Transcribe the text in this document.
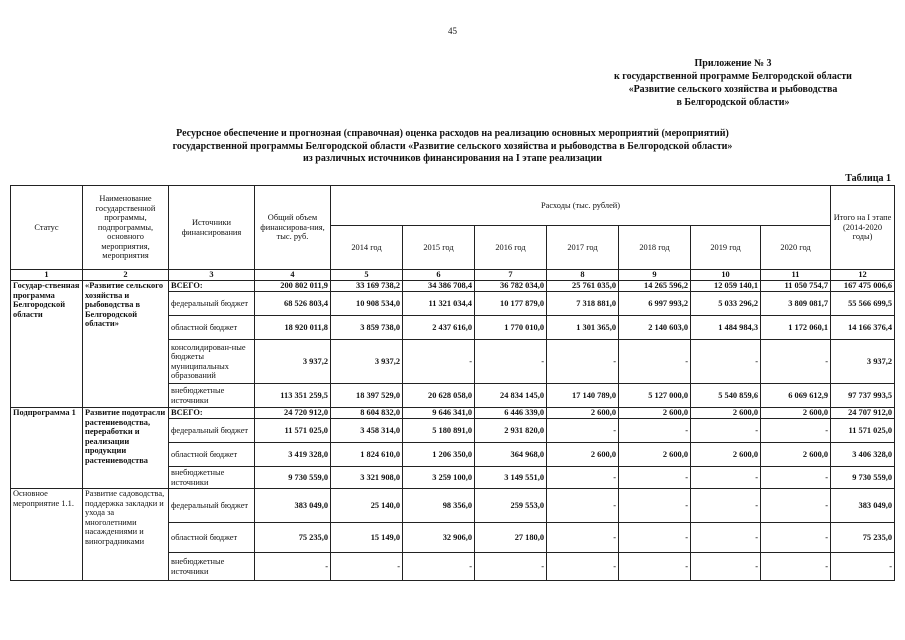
45
Приложение № 3
к государственной программе Белгородской области
«Развитие сельского хозяйства и рыбоводства
в Белгородской области»
Ресурсное обеспечение и прогнозная (справочная) оценка расходов на реализацию основных мероприятий (мероприятий)
государственной программы Белгородской области «Развитие сельского хозяйства и рыбоводства в Белгородской области»
из различных источников финансирования на I этапе реализации
Таблица 1
Статус	Наименование государственной программы, подпрограммы, основного мероприятия, мероприятия	Источники финансирования	Общий объем финансирова-ния, тыс. руб.	Расходы (тыс. рублей)							Итого на I этапе (2014-2020 годы)
				2014 год	2015 год	2016 год	2017 год	2018 год	2019 год	2020 год	
1	2	3	4	5	6	7	8	9	10	11	12
Государ-ственная программа Белгородской области	«Развитие сельского хозяйства и рыбоводства в Белгородской области»	ВСЕГО:	200 802 011,9	33 169 738,2	34 386 708,4	36 782 034,0	25 761 035,0	14 265 596,2	12 059 140,1	11 050 754,7	167 475 006,6
		федеральный бюджет	68 526 803,4	10 908 534,0	11 321 034,4	10 177 879,0	7 318 881,0	6 997 993,2	5 033 296,2	3 809 081,7	55 566 699,5
		областной бюджет	18 920 011,8	3 859 738,0	2 437 616,0	1 770 010,0	1 301 365,0	2 140 603,0	1 484 984,3	1 172 060,1	14 166 376,4
		консолидирован-ные бюджеты муниципальных образований	3 937,2	3 937,2	-	-	-	-	-	-	3 937,2
		внебюджетные источники	113 351 259,5	18 397 529,0	20 628 058,0	24 834 145,0	17 140 789,0	5 127 000,0	5 540 859,6	6 069 612,9	97 737 993,5
Подпрограмма 1	Развитие подотрасли растениеводства, переработки и реализации продукции растениеводства	ВСЕГО:	24 720 912,0	8 604 832,0	9 646 341,0	6 446 339,0	2 600,0	2 600,0	2 600,0	2 600,0	24 707 912,0
		федеральный бюджет	11 571 025,0	3 458 314,0	5 180 891,0	2 931 820,0	-	-	-	-	11 571 025,0
		областной бюджет	3 419 328,0	1 824 610,0	1 206 350,0	364 968,0	2 600,0	2 600,0	2 600,0	2 600,0	3 406 328,0
		внебюджетные источники	9 730 559,0	3 321 908,0	3 259 100,0	3 149 551,0	-	-	-	-	9 730 559,0
Основное мероприятие 1.1.	Развитие садоводства, поддержка закладки и ухода за многолетними насаждениями и виноградниками	федеральный бюджет	383 049,0	25 140,0	98 356,0	259 553,0	-	-	-	-	383 049,0
		областной бюджет	75 235,0	15 149,0	32 906,0	27 180,0	-	-	-	-	75 235,0
		внебюджетные источники	-	-	-	-	-	-	-	-	-
